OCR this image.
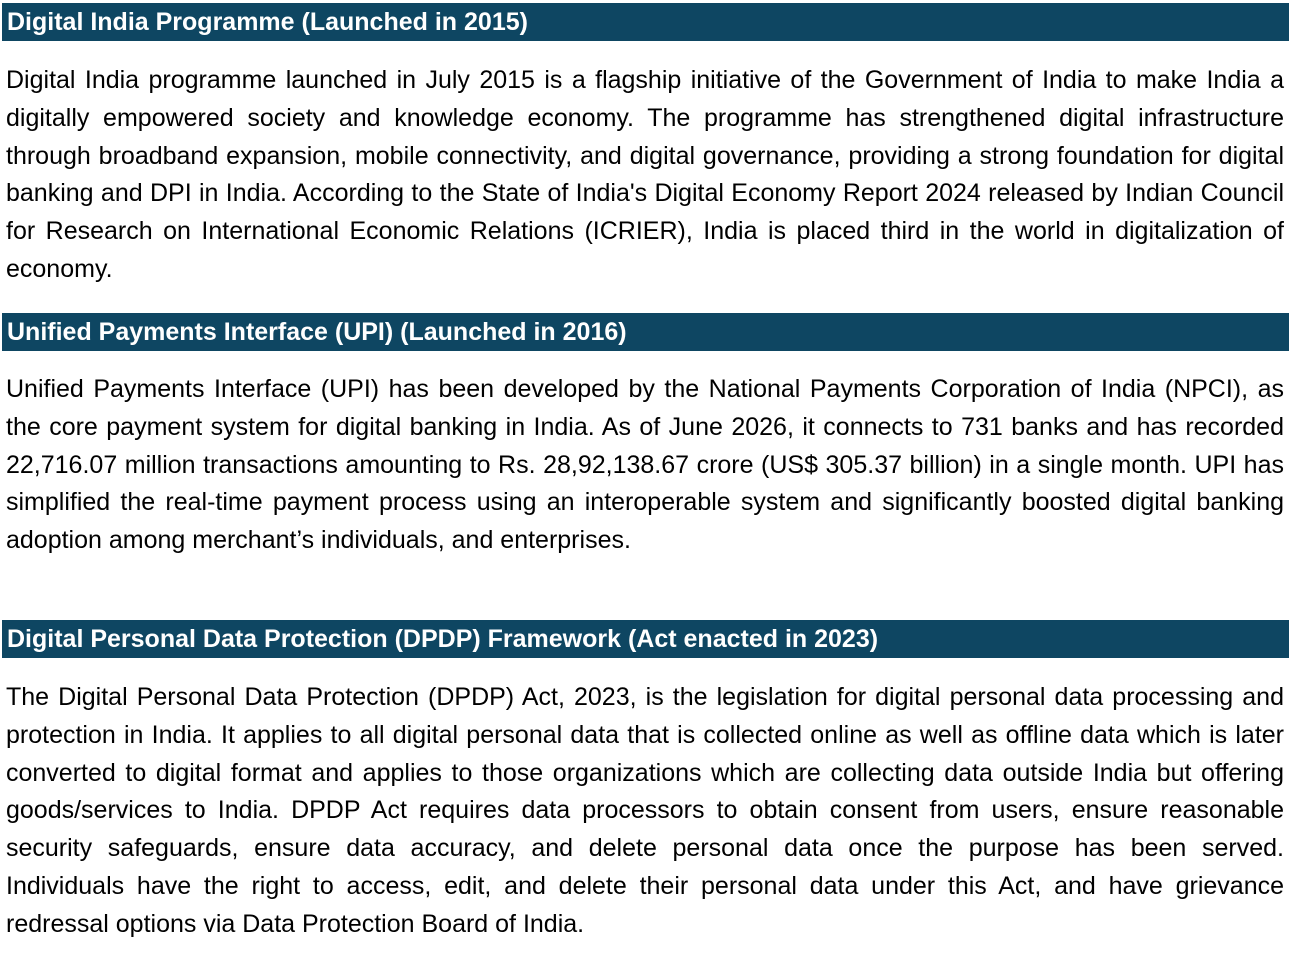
Digital India Programme (Launched in 2015)

Digital India programme launched in July 2015 is a flagship initiative of the Government of India to make India a digitally empowered society and knowledge economy. The programme has strengthened digital infrastructure through broadband expansion, mobile connectivity, and digital governance, providing a strong foundation for digital banking and DPI in India. According to the State of India's Digital Economy Report 2024 released by Indian Council for Research on International Economic Relations (ICRIER), India is placed third in the world in digitalization of economy.

Unified Payments Interface (UPI) (Launched in 2016)

Unified Payments Interface (UPI) has been developed by the National Payments Corporation of India (NPCI), as the core payment system for digital banking in India. As of June 2026, it connects to 731 banks and has recorded 22,716.07 million transactions amounting to Rs. 28,92,138.67 crore (US$ 305.37 billion) in a single month. UPI has simplified the real-time payment process using an interoperable system and significantly boosted digital banking adoption among merchant’s individuals, and enterprises.

Digital Personal Data Protection (DPDP) Framework (Act enacted in 2023)

The Digital Personal Data Protection (DPDP) Act, 2023, is the legislation for digital personal data processing and protection in India. It applies to all digital personal data that is collected online as well as offline data which is later converted to digital format and applies to those organizations which are collecting data outside India but offering goods/services to India. DPDP Act requires data processors to obtain consent from users, ensure reasonable security safeguards, ensure data accuracy, and delete personal data once the purpose has been served. Individuals have the right to access, edit, and delete their personal data under this Act, and have grievance redressal options via Data Protection Board of India.
